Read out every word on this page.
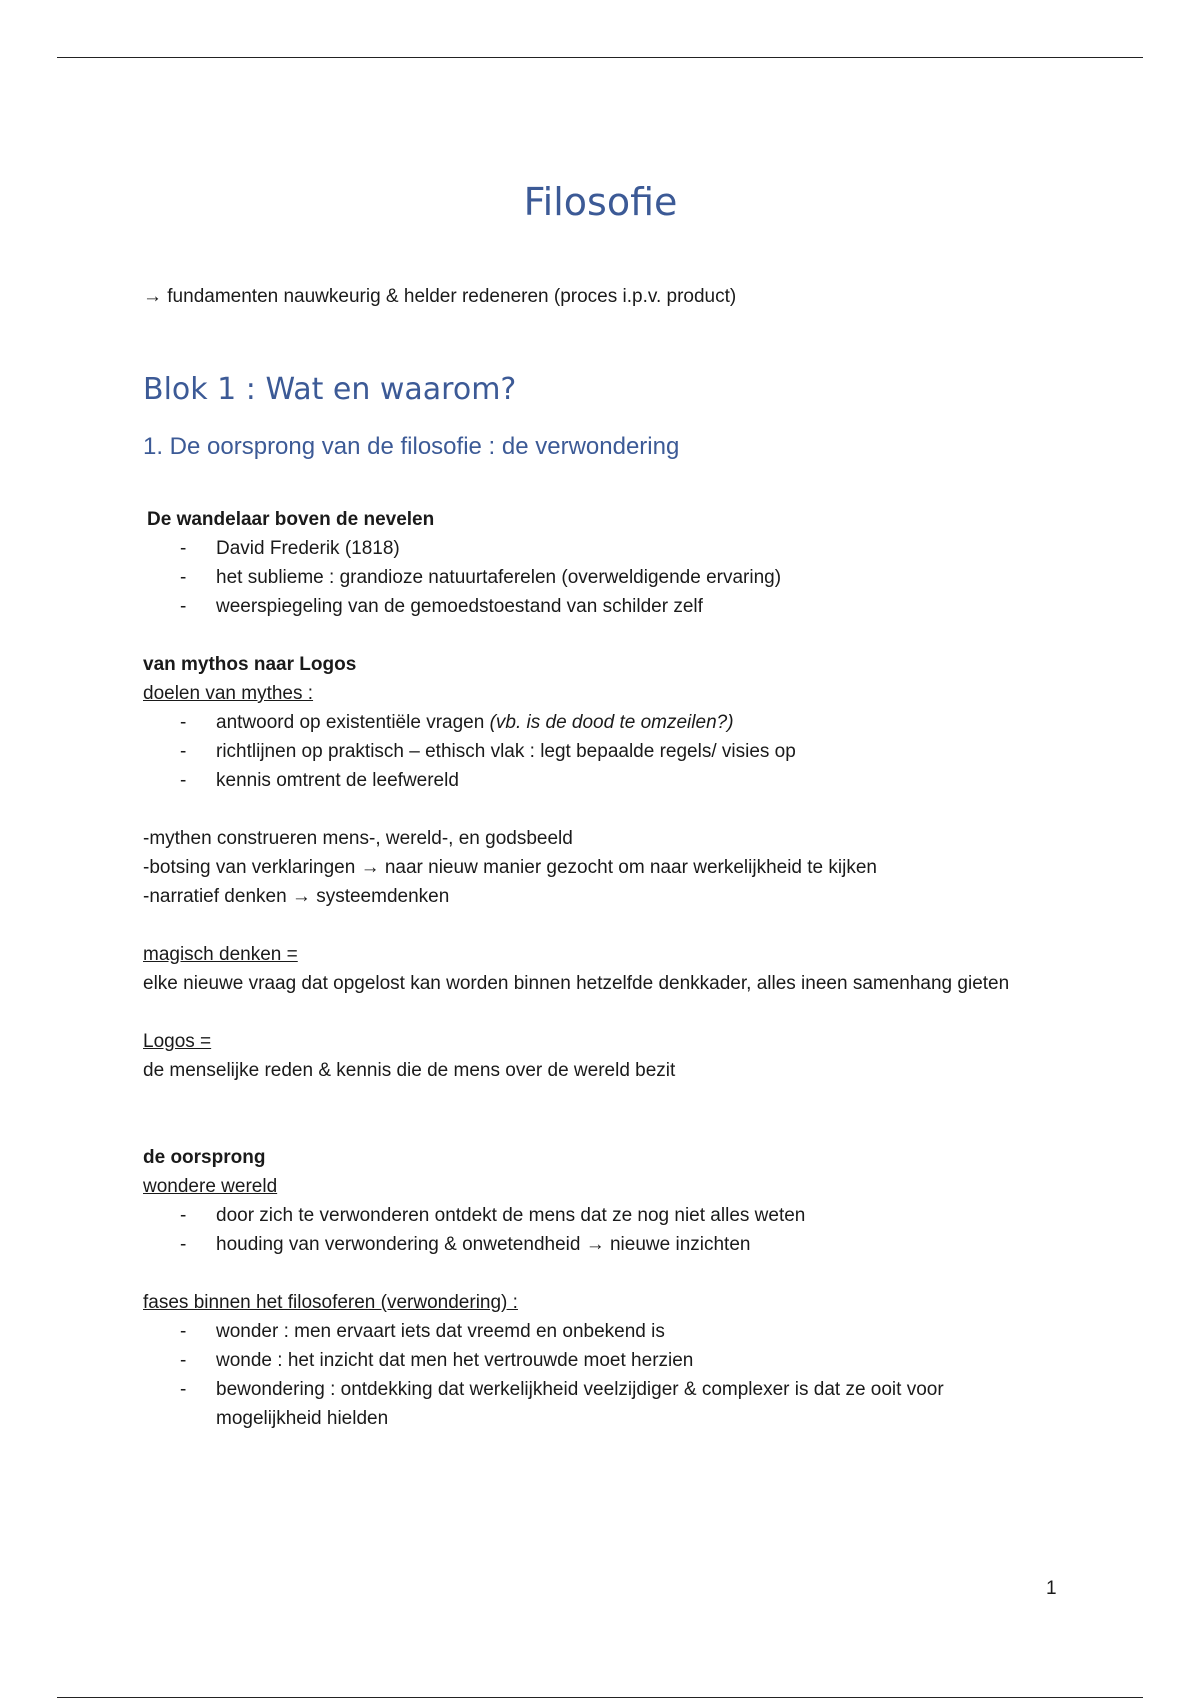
Filosofie

→ fundamenten nauwkeurig & helder redeneren (proces i.p.v. product)

Blok 1 : Wat en waarom?
1. De oorsprong van de filosofie : de verwondering

De wandelaar boven de nevelen

- David Frederik (1818)
- het sublieme : grandioze natuurtaferelen (overweldigende ervaring)
- weerspiegeling van de gemoedstoestand van schilder zelf

van mythos naar Logos

doelen van mythes :

- antwoord op existentiële vragen (vb. is de dood te omzeilen?)
- richtlijnen op praktisch – ethisch vlak : legt bepaalde regels/ visies op
- kennis omtrent de leefwereld

-mythen construeren mens-, wereld-, en godsbeeld

-botsing van verklaringen → naar nieuw manier gezocht om naar werkelijkheid te kijken

-narratief denken → systeemdenken

magisch denken =

elke nieuwe vraag dat opgelost kan worden binnen hetzelfde denkkader, alles ineen samenhang gieten

Logos =

de menselijke reden & kennis die de mens over de wereld bezit

de oorsprong

wondere wereld

- door zich te verwonderen ontdekt de mens dat ze nog niet alles weten
- houding van verwondering & onwetendheid → nieuwe inzichten

fases binnen het filosoferen (verwondering) :

- wonder : men ervaart iets dat vreemd en onbekend is
- wonde : het inzicht dat men het vertrouwde moet herzien
- bewondering : ontdekking dat werkelijkheid veelzijdiger & complexer is dat ze ooit voor mogelijkheid hielden
1
